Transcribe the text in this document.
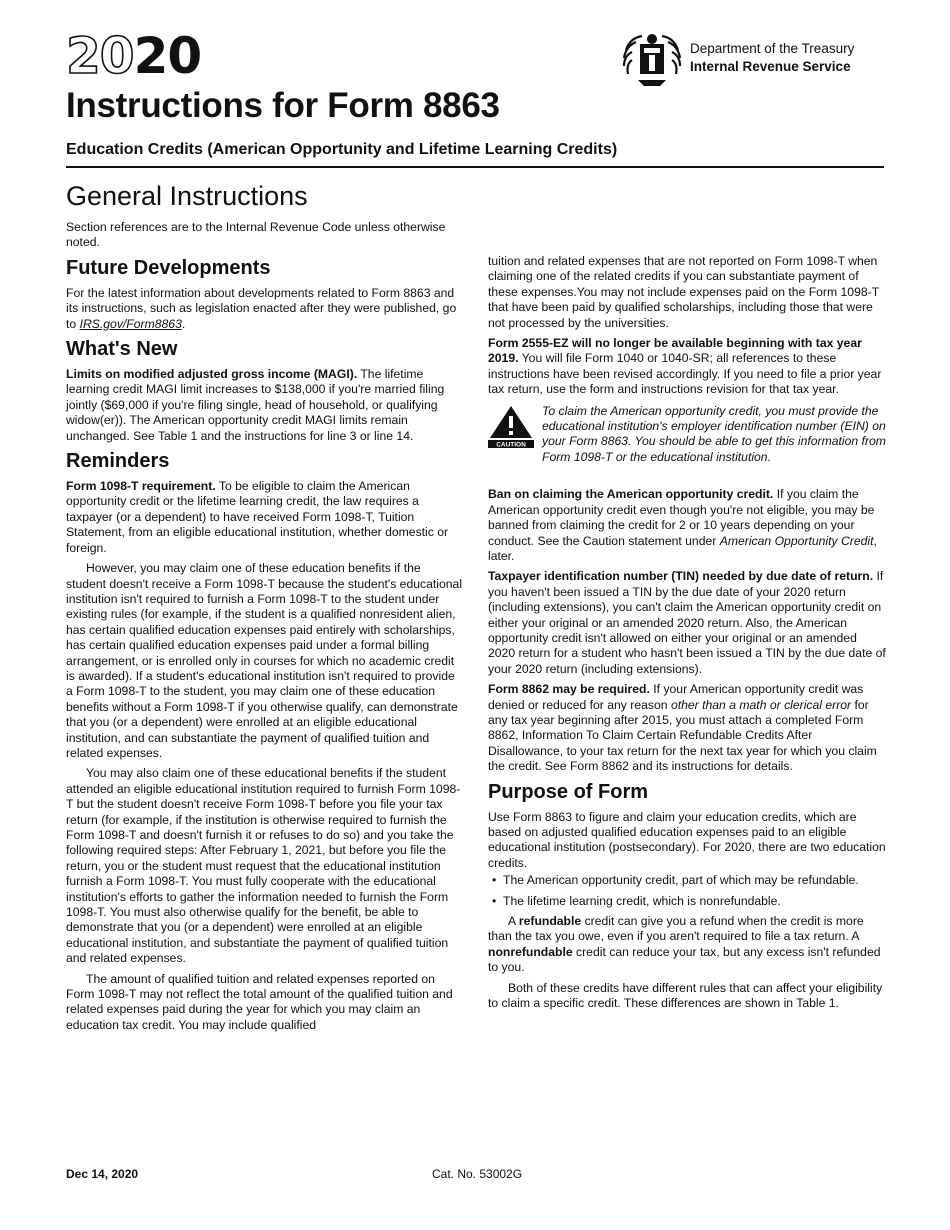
2020
Instructions for Form 8863
Education Credits (American Opportunity and Lifetime Learning Credits)
Department of the Treasury
Internal Revenue Service
General Instructions

Section references are to the Internal Revenue Code unless otherwise noted.

Future Developments

For the latest information about developments related to Form 8863 and its instructions, such as legislation enacted after they were published, go to IRS.gov/Form8863.

What's New

Limits on modified adjusted gross income (MAGI). The lifetime learning credit MAGI limit increases to $138,000 if you're married filing jointly ($69,000 if you're filing single, head of household, or qualifying widow(er)). The American opportunity credit MAGI limits remain unchanged. See Table 1 and the instructions for line 3 or line 14.

Reminders

Form 1098-T requirement. To be eligible to claim the American opportunity credit or the lifetime learning credit, the law requires a taxpayer (or a dependent) to have received Form 1098-T, Tuition Statement, from an eligible educational institution, whether domestic or foreign.

However, you may claim one of these education benefits if the student doesn't receive a Form 1098-T because the student's educational institution isn't required to furnish a Form 1098-T to the student under existing rules (for example, if the student is a qualified nonresident alien, has certain qualified education expenses paid entirely with scholarships, has certain qualified education expenses paid under a formal billing arrangement, or is enrolled only in courses for which no academic credit is awarded). If a student's educational institution isn't required to provide a Form 1098-T to the student, you may claim one of these education benefits without a Form 1098-T if you otherwise qualify, can demonstrate that you (or a dependent) were enrolled at an eligible educational institution, and can substantiate the payment of qualified tuition and related expenses.

You may also claim one of these educational benefits if the student attended an eligible educational institution required to furnish Form 1098-T but the student doesn't receive Form 1098-T before you file your tax return (for example, if the institution is otherwise required to furnish the Form 1098-T and doesn't furnish it or refuses to do so) and you take the following required steps: After February 1, 2021, but before you file the return, you or the student must request that the educational institution furnish a Form 1098-T. You must fully cooperate with the educational institution's efforts to gather the information needed to furnish the Form 1098-T. You must also otherwise qualify for the benefit, be able to demonstrate that you (or a dependent) were enrolled at an eligible educational institution, and substantiate the payment of qualified tuition and related expenses.

The amount of qualified tuition and related expenses reported on Form 1098-T may not reflect the total amount of the qualified tuition and related expenses paid during the year for which you may claim an education tax credit. You may include qualified

tuition and related expenses that are not reported on Form 1098-T when claiming one of the related credits if you can substantiate payment of these expenses.You may not include expenses paid on the Form 1098-T that have been paid by qualified scholarships, including those that were not processed by the universities.

Form 2555-EZ will no longer be available beginning with tax year 2019. You will file Form 1040 or 1040-SR; all references to these instructions have been revised accordingly. If you need to file a prior year tax return, use the form and instructions revision for that tax year.

CAUTION
To claim the American opportunity credit, you must provide the educational institution's employer identification number (EIN) on your Form 8863. You should be able to get this information from Form 1098-T or the educational institution.

Ban on claiming the American opportunity credit. If you claim the American opportunity credit even though you're not eligible, you may be banned from claiming the credit for 2 or 10 years depending on your conduct. See the Caution statement under American Opportunity Credit, later.

Taxpayer identification number (TIN) needed by due date of return. If you haven't been issued a TIN by the due date of your 2020 return (including extensions), you can't claim the American opportunity credit on either your original or an amended 2020 return. Also, the American opportunity credit isn't allowed on either your original or an amended 2020 return for a student who hasn't been issued a TIN by the due date of your 2020 return (including extensions).

Form 8862 may be required. If your American opportunity credit was denied or reduced for any reason other than a math or clerical error for any tax year beginning after 2015, you must attach a completed Form 8862, Information To Claim Certain Refundable Credits After Disallowance, to your tax return for the next tax year for which you claim the credit. See Form 8862 and its instructions for details.

Purpose of Form

Use Form 8863 to figure and claim your education credits, which are based on adjusted qualified education expenses paid to an eligible educational institution (postsecondary). For 2020, there are two education credits.

•  The American opportunity credit, part of which may be refundable.

•  The lifetime learning credit, which is nonrefundable.

A refundable credit can give you a refund when the credit is more than the tax you owe, even if you aren't required to file a tax return. A nonrefundable credit can reduce your tax, but any excess isn't refunded to you.

Both of these credits have different rules that can affect your eligibility to claim a specific credit. These differences are shown in Table 1.

Dec 14, 2020	Cat. No. 53002G
